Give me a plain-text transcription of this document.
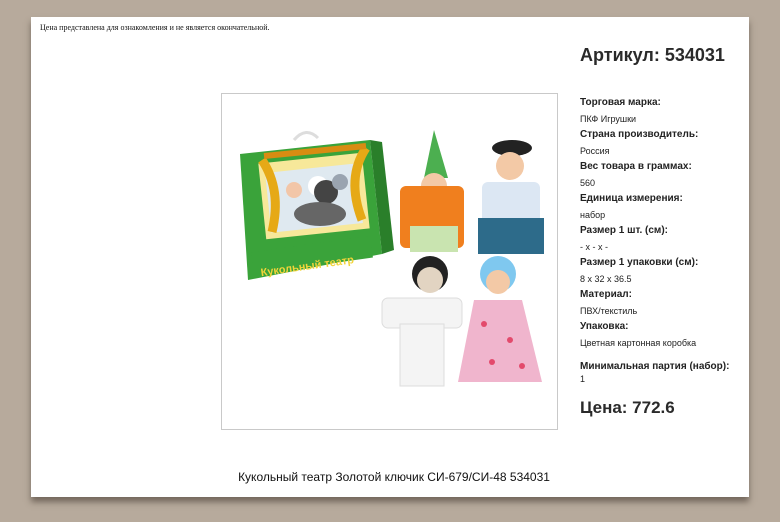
Цена представлена для ознакомления и не является окончательной.
Артикул: 534031
Кукольный театр
Торговая марка:
ПКФ Игрушки
Страна производитель:
Россия
Вес товара в граммах:
560
Единица измерения:
набор
Размер 1 шт. (см):
- х - х -
Размер 1 упаковки (см):
8 х 32 х 36.5
Материал:
ПВХ/текстиль
Упаковка:
Цветная картонная коробка
Минимальная партия (набор):
1
Цена: 772.6
Кукольный театр Золотой ключик СИ-679/СИ-48 534031
